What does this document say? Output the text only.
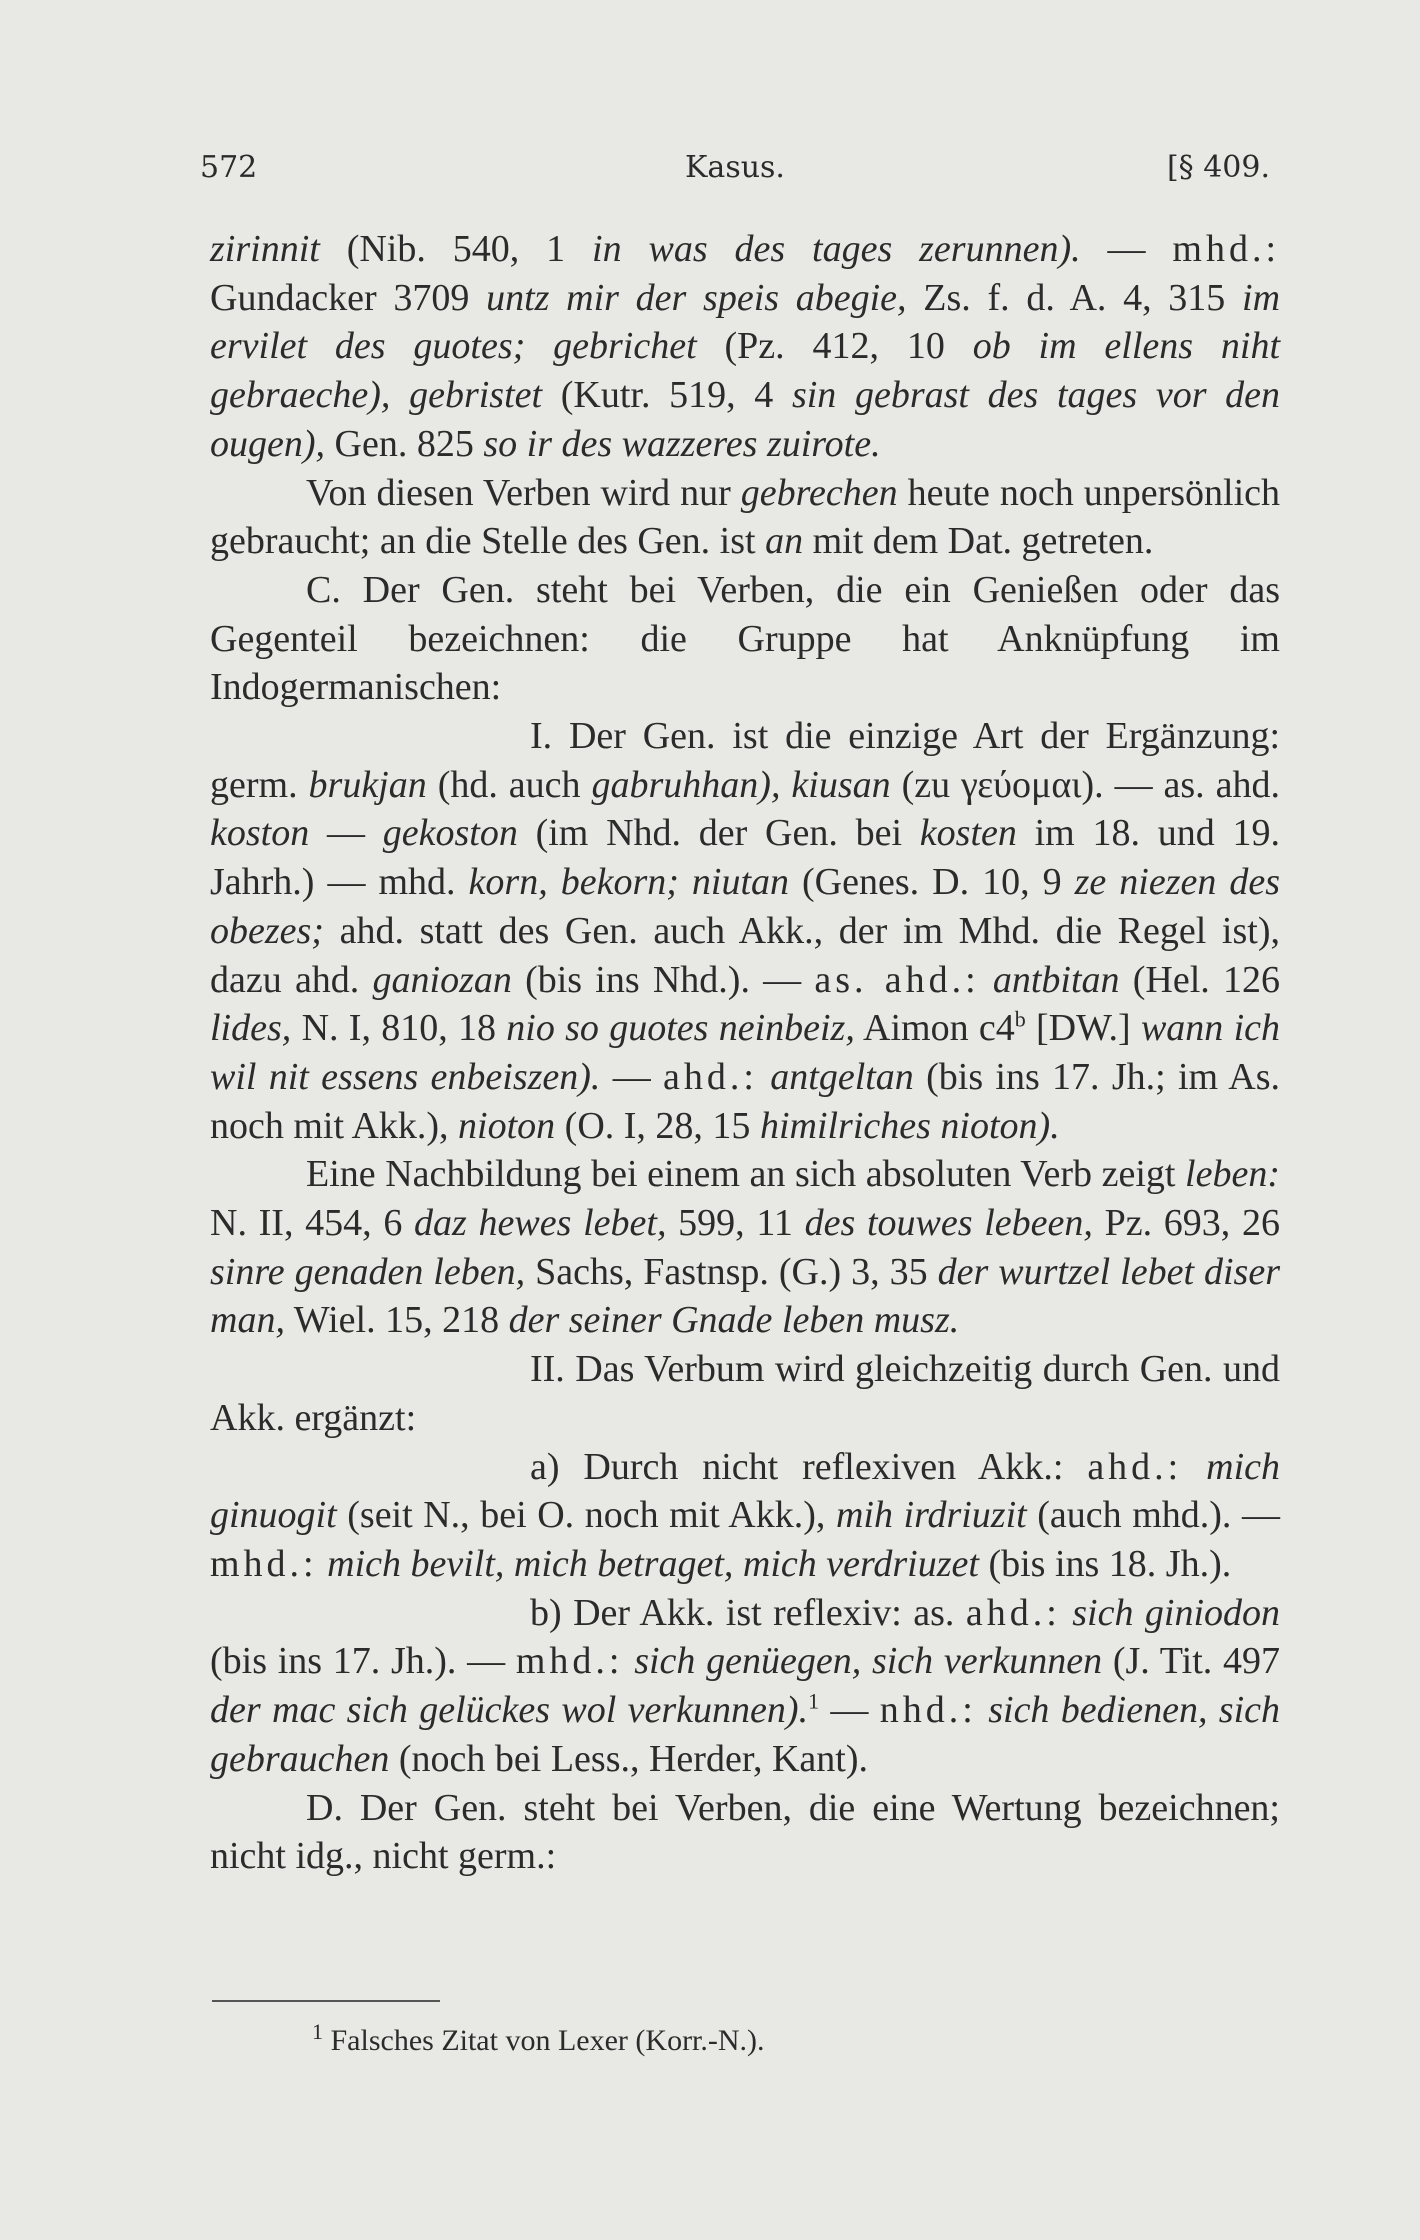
572	Kasus.	[§ 409.

zirinnit (Nib. 540, 1 in was des tages zerunnen). — mhd.: Gundacker 3709 untz mir der speis abegie, Zs. f. d. A. 4, 315 im ervilet des guotes; gebrichet (Pz. 412, 10 ob im ellens niht gebraeche), gebristet (Kutr. 519, 4 sin gebrast des tages vor den ougen), Gen. 825 so ir des wazzeres zuirote.

Von diesen Verben wird nur gebrechen heute noch unpersönlich gebraucht; an die Stelle des Gen. ist an mit dem Dat. getreten.

C. Der Gen. steht bei Verben, die ein Genießen oder das Gegenteil bezeichnen: die Gruppe hat Anknüpfung im Indogermanischen:

I. Der Gen. ist die einzige Art der Ergänzung: germ. brukjan (hd. auch gabruhhan), kiusan (zu γεύομαι). — as. ahd. koston — gekoston (im Nhd. der Gen. bei kosten im 18. und 19. Jahrh.) — mhd. korn, bekorn; niutan (Genes. D. 10, 9 ze niezen des obezes; ahd. statt des Gen. auch Akk., der im Mhd. die Regel ist), dazu ahd. ganiozan (bis ins Nhd.). — as. ahd.: antbitan (Hel. 126 lides, N. I, 810, 18 nio so guotes neinbeiz, Aimon c4$^b$ [DW.] wann ich wil nit essens enbeiszen). — ahd.: antgeltan (bis ins 17. Jh.; im As. noch mit Akk.), nioton (O. I, 28, 15 himilriches nioton).

Eine Nachbildung bei einem an sich absoluten Verb zeigt leben: N. II, 454, 6 daz hewes lebet, 599, 11 des touwes lebeen, Pz. 693, 26 sinre genaden leben, Sachs, Fastnsp. (G.) 3, 35 der wurtzel lebet diser man, Wiel. 15, 218 der seiner Gnade leben musz.

II. Das Verbum wird gleichzeitig durch Gen. und Akk. ergänzt:

a) Durch nicht reflexiven Akk.: ahd.: mich ginuogit (seit N., bei O. noch mit Akk.), mih irdriuzit (auch mhd.). — mhd.: mich bevilt, mich betraget, mich verdriuzet (bis ins 18. Jh.).

b) Der Akk. ist reflexiv: as. ahd.: sich giniodon (bis ins 17. Jh.). — mhd.: sich genüegen, sich verkunnen (J. Tit. 497 der mac sich gelückes wol verkunnen).$^1$ — nhd.: sich bedienen, sich gebrauchen (noch bei Less., Herder, Kant).

D. Der Gen. steht bei Verben, die eine Wertung bezeichnen; nicht idg., nicht germ.:

$^1$ Falsches Zitat von Lexer (Korr.-N.).
